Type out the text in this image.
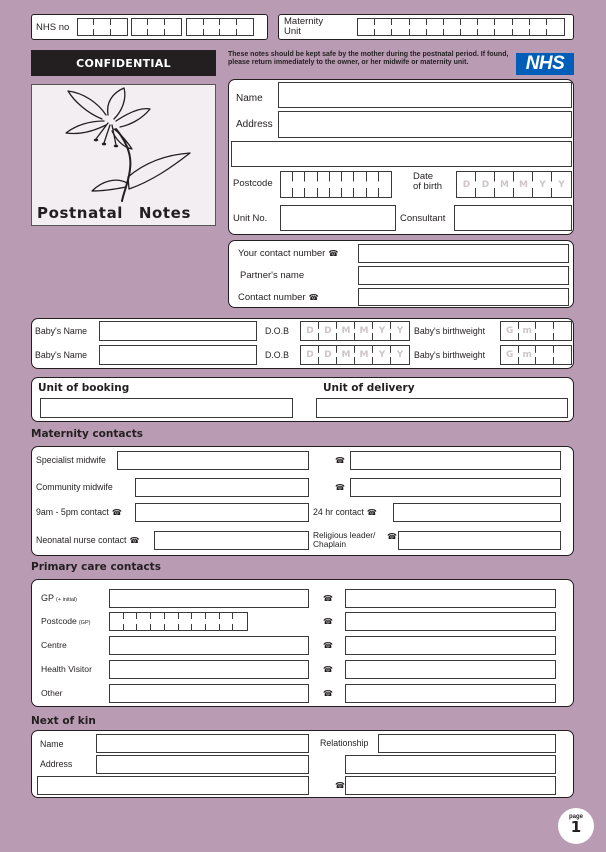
NHS no
Maternity
Unit
CONFIDENTIAL

These notes should be kept safe by the mother during the postnatal period. If found, please return immediately to the owner, or her midwife or maternity unit.	NHS
Postnatal Notes
Name
Address
Postcode
Date
of birth	D	D	M	M	Y	Y
Unit No.	Consultant
Your contact number☎
Partner's name
Contact number☎
Baby's Name	D.O.B	D	D	M	M	Y	Y	Baby's birthweight	G	m
Baby's Name	D.O.B	D	D	M	M	Y	Y	Baby's birthweight	G	m
Unit of booking	Unit of delivery
Maternity contacts
Specialist midwife
☎
Community midwife
☎
9am - 5pm contact☎	24 hr contact☎
Neonatal nurse contact☎	Religious leader/
Chaplain
☎
Primary care contacts
GP (+ initial)
☎
Postcode (GP)
☎
Centre
☎
Health Visitor
☎
Other
☎
Next of kin
Name	Relationship
Address
☎
page
1
